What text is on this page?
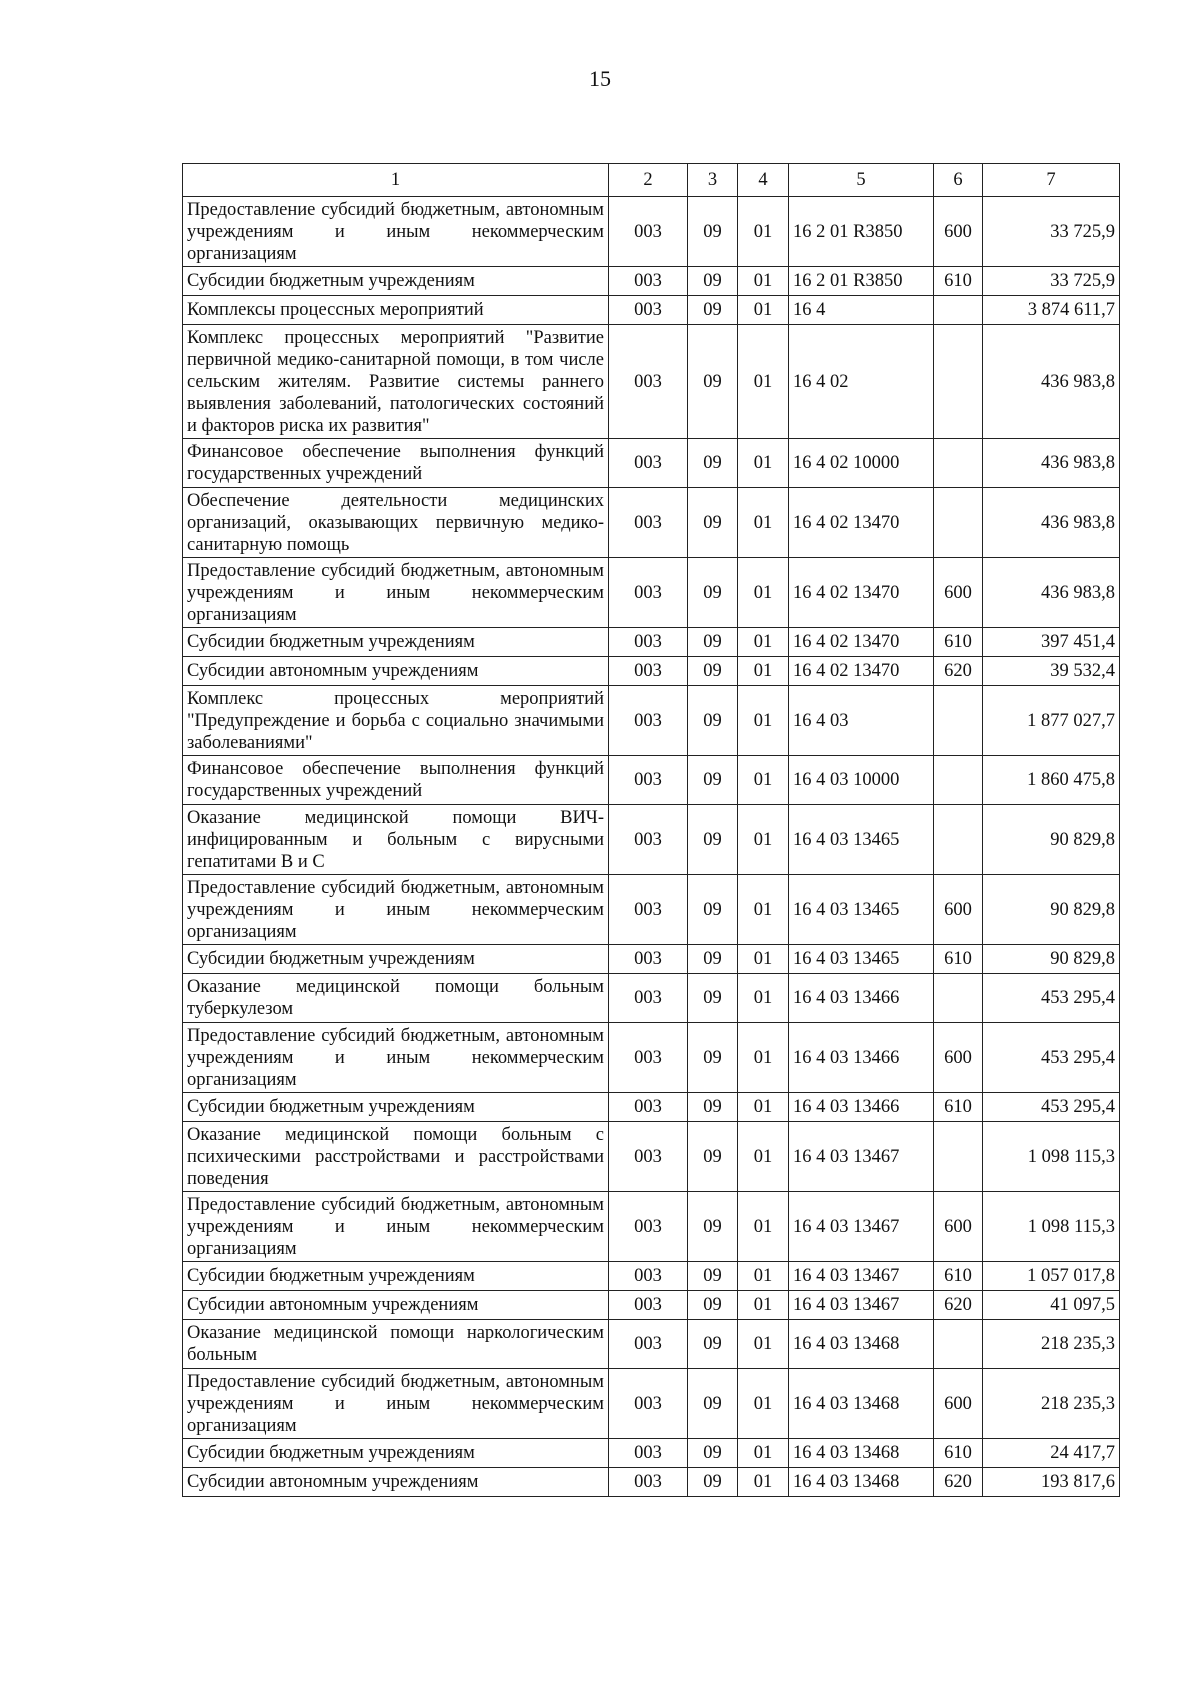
15
1	2	3	4	5	6	7
Предоставление субсидий бюджетным, автономным учреждениям и иным некоммерческим организациям	003	09	01	16 2 01 R3850	600	33 725,9
Субсидии бюджетным учреждениям	003	09	01	16 2 01 R3850	610	33 725,9
Комплексы процессных мероприятий	003	09	01	16 4		3 874 611,7
Комплекс процессных мероприятий "Развитие первичной медико-санитарной помощи, в том числе сельским жителям. Развитие системы раннего выявления заболеваний, патологических состояний и факторов риска их развития"	003	09	01	16 4 02		436 983,8
Финансовое обеспечение выполнения функций государственных учреждений	003	09	01	16 4 02 10000		436 983,8
Обеспечение деятельности медицинских организаций, оказывающих первичную медико-санитарную помощь	003	09	01	16 4 02 13470		436 983,8
Предоставление субсидий бюджетным, автономным учреждениям и иным некоммерческим организациям	003	09	01	16 4 02 13470	600	436 983,8
Субсидии бюджетным учреждениям	003	09	01	16 4 02 13470	610	397 451,4
Субсидии автономным учреждениям	003	09	01	16 4 02 13470	620	39 532,4
Комплекс процессных мероприятий "Предупреждение и борьба с социально значимыми заболеваниями"	003	09	01	16 4 03		1 877 027,7
Финансовое обеспечение выполнения функций государственных учреждений	003	09	01	16 4 03 10000		1 860 475,8
Оказание медицинской помощи ВИЧ-инфицированным и больным с вирусными гепатитами В и С	003	09	01	16 4 03 13465		90 829,8
Предоставление субсидий бюджетным, автономным учреждениям и иным некоммерческим организациям	003	09	01	16 4 03 13465	600	90 829,8
Субсидии бюджетным учреждениям	003	09	01	16 4 03 13465	610	90 829,8
Оказание медицинской помощи больным туберкулезом	003	09	01	16 4 03 13466		453 295,4
Предоставление субсидий бюджетным, автономным учреждениям и иным некоммерческим организациям	003	09	01	16 4 03 13466	600	453 295,4
Субсидии бюджетным учреждениям	003	09	01	16 4 03 13466	610	453 295,4
Оказание медицинской помощи больным с психическими расстройствами и расстройствами поведения	003	09	01	16 4 03 13467		1 098 115,3
Предоставление субсидий бюджетным, автономным учреждениям и иным некоммерческим организациям	003	09	01	16 4 03 13467	600	1 098 115,3
Субсидии бюджетным учреждениям	003	09	01	16 4 03 13467	610	1 057 017,8
Субсидии автономным учреждениям	003	09	01	16 4 03 13467	620	41 097,5
Оказание медицинской помощи наркологическим больным	003	09	01	16 4 03 13468		218 235,3
Предоставление субсидий бюджетным, автономным учреждениям и иным некоммерческим организациям	003	09	01	16 4 03 13468	600	218 235,3
Субсидии бюджетным учреждениям	003	09	01	16 4 03 13468	610	24 417,7
Субсидии автономным учреждениям	003	09	01	16 4 03 13468	620	193 817,6
